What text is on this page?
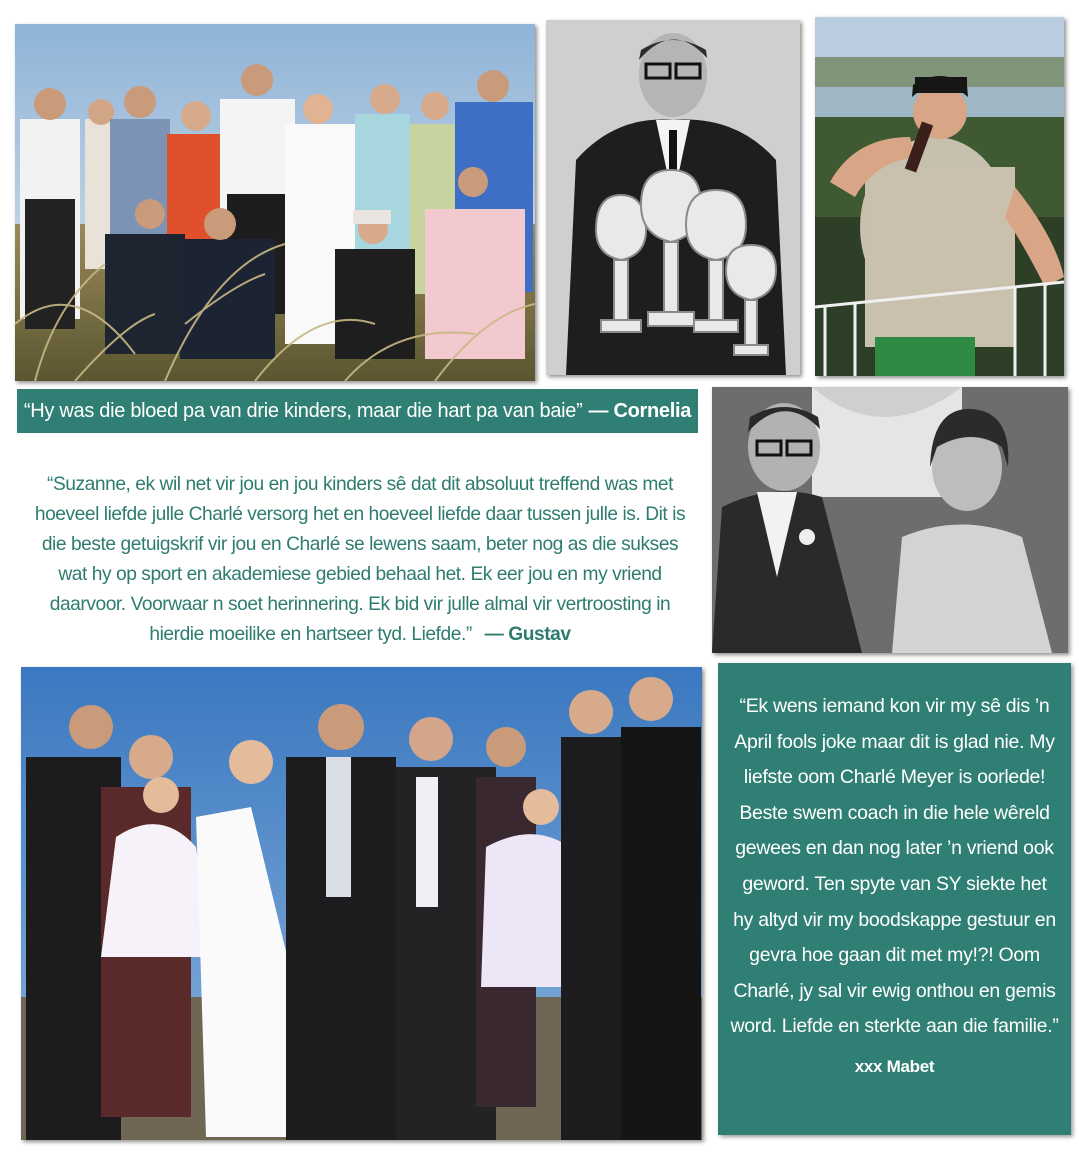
“Hy was die bloed pa van drie kinders, maar die hart pa van baie” — Cornelia
“Suzanne, ek wil net vir jou en jou kinders sê dat dit absoluut treffend was met hoeveel liefde julle Charlé versorg het en hoeveel liefde daar tussen julle is. Dit is die beste getuigskrif vir jou en Charlé se lewens saam, beter nog as die sukses wat hy op sport en akademiese gebied behaal het. Ek eer jou en my vriend daarvoor. Voorwaar n soet herinnering. Ek bid vir julle almal vir vertroosting in hierdie moeilike en hartseer tyd. Liefde.” — Gustav
“Ek wens iemand kon vir my sê dis ’n April fools joke maar dit is glad nie. My liefste oom Charlé Meyer is oorlede! Beste swem coach in die hele wêreld gewees en dan nog later ’n vriend ook geword. Ten spyte van SY siekte het hy altyd vir my boodskappe gestuur en gevra hoe gaan dit met my!?! Oom Charlé, jy sal vir ewig onthou en gemis word. Liefde en sterkte aan die familie.”
xxx Mabet
